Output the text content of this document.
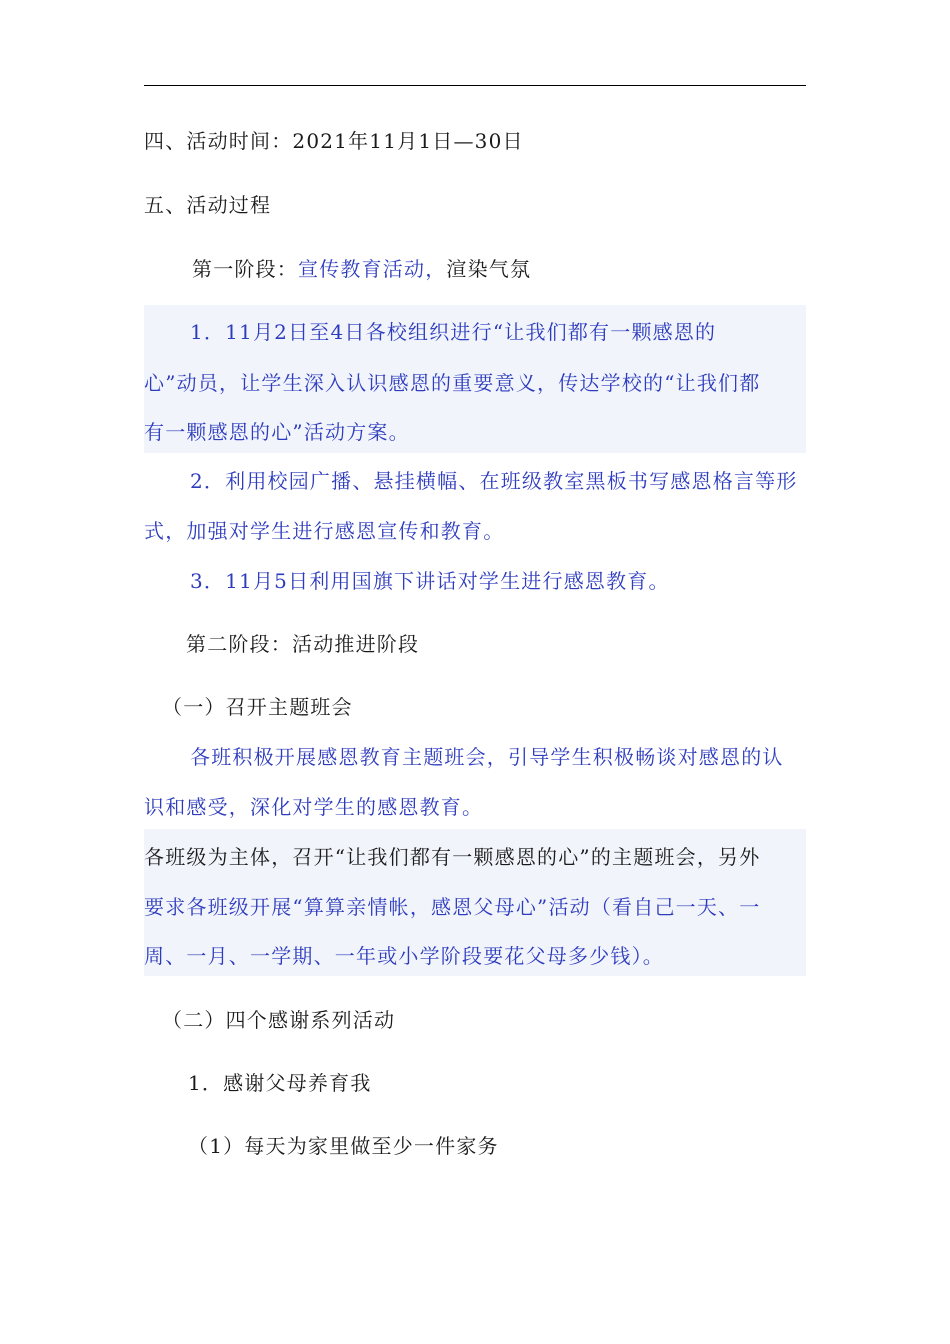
四、活动时间：2021年11月1日—30日
五、活动过程
第一阶段：宣传教育活动，渲染气氛
1．11月2日至4日各校组织进行“让我们都有一颗感恩的
心”动员，让学生深入认识感恩的重要意义，传达学校的“让我们都
有一颗感恩的心”活动方案。
2．利用校园广播、悬挂横幅、在班级教室黑板书写感恩格言等形
式，加强对学生进行感恩宣传和教育。
3．11月5日利用国旗下讲话对学生进行感恩教育。
第二阶段：活动推进阶段
（一）召开主题班会
各班积极开展感恩教育主题班会，引导学生积极畅谈对感恩的认
识和感受，深化对学生的感恩教育。
各班级为主体，召开“让我们都有一颗感恩的心”的主题班会，另外
要求各班级开展“算算亲情帐，感恩父母心”活动（看自己一天、一
周、一月、一学期、一年或小学阶段要花父母多少钱）。
（二）四个感谢系列活动
1．感谢父母养育我
（1）每天为家里做至少一件家务
